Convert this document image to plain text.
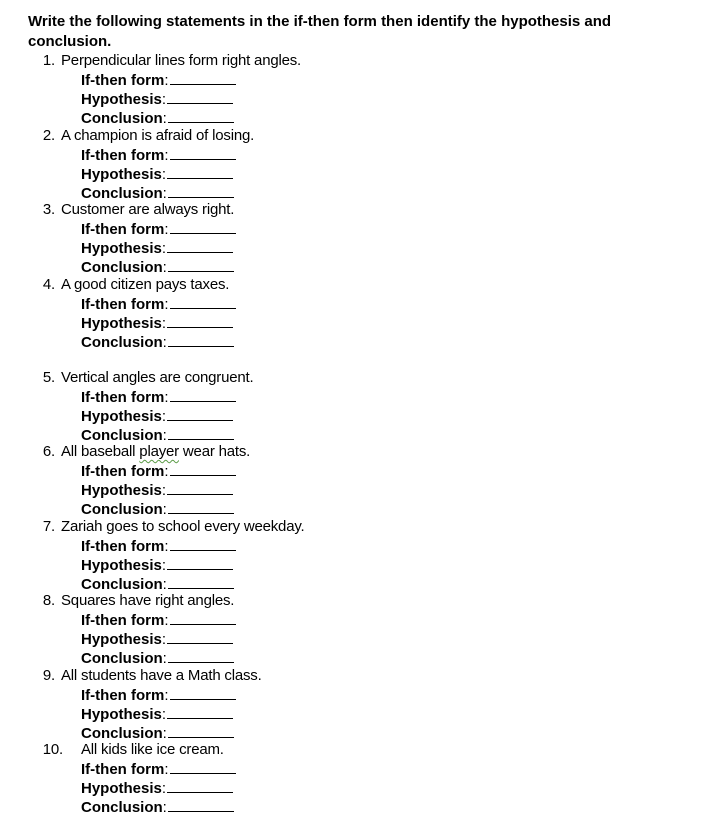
Write the following statements in the if-then form then identify the hypothesis and conclusion.

1. Perpendicular lines form right angles.
If-then form:
Hypothesis:
Conclusion:
2. A champion is afraid of losing.
If-then form:
Hypothesis:
Conclusion:
3. Customer are always right.
If-then form:
Hypothesis:
Conclusion:
4. A good citizen pays taxes.
If-then form:
Hypothesis:
Conclusion:
5. Vertical angles are congruent.
If-then form:
Hypothesis:
Conclusion:
6. All baseball player wear hats.
If-then form:
Hypothesis:
Conclusion:
7. Zariah goes to school every weekday.
If-then form:
Hypothesis:
Conclusion:
8. Squares have right angles.
If-then form:
Hypothesis:
Conclusion:
9. All students have a Math class.
If-then form:
Hypothesis:
Conclusion:
10. All kids like ice cream.
If-then form:
Hypothesis:
Conclusion:
